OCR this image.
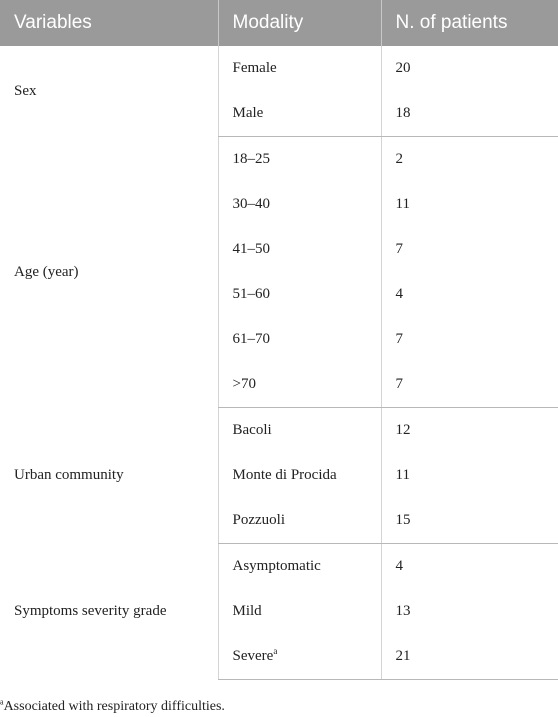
Variables	Modality	N. of patients
Sex	Female	20
	Male	18
Age (year)	18–25	2
	30–40	11
	41–50	7
	51–60	4
	61–70	7
	>70	7
Urban community	Bacoli	12
	Monte di Procida	11
	Pozzuoli	15
Symptoms severity grade	Asymptomatic	4
	Mild	13
	Severe$^a$	21
$^a$Associated with respiratory difficulties.
